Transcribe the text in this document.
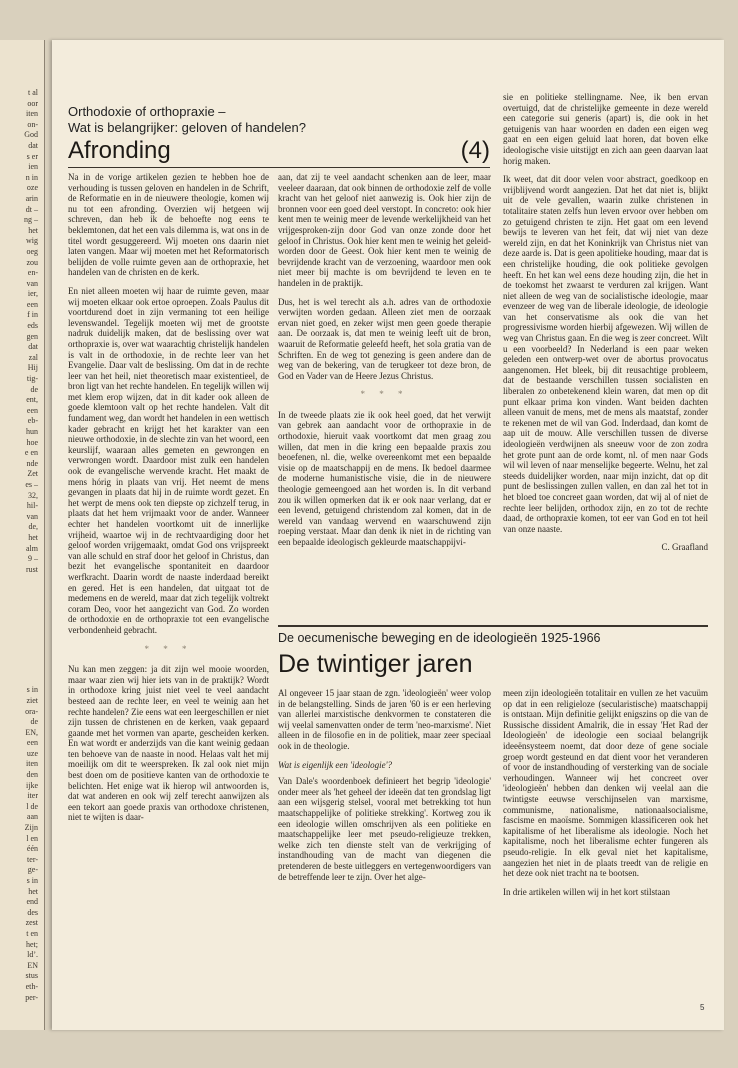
t al
oor
iten
on-
God
dat
s er
ien
n in
oze
arin
dt –
ng –
het
wig
oeg
zou
en-
van
ier,
een
f in
eds
gen
dat
zal
Hij
tig-
de
ent,
een
eb-
hun
hoe
e en
nde
Zet
es –
32,
hil-
van
de,
het
alm
9 –
rust
s in
ziet
ora-
de
EN,
een
uze
iten
den
ijke
iter
l de
aan
Zijn
l en
één
ter-
ge-
s in
het
end
des
zest
t en
het;
ld’.
EN
stus
eth-
per-
Orthodoxie of orthopraxie –
Wat is belangrijker: geloven of handelen?
Afronding	(4)

Na in de vorige artikelen gezien te hebben hoe de verhouding is tussen geloven en handelen in de Schrift, de Reformatie en in de nieuwere theologie, komen wij nu tot een afronding. Overzien wij hetgeen wij schreven, dan heb ik de behoefte nog eens te beklemtonen, dat het een vals dilemma is, wat ons in de titel wordt gesuggereerd. Wij moeten ons daarin niet laten vangen. Maar wij moeten met het Reformatorisch belijden de volle ruimte geven aan de orthopraxie, het handelen van de christen en de kerk.

En niet alleen moeten wij haar de ruimte geven, maar wij moeten elkaar ook ertoe oproepen. Zoals Paulus dit voortdurend doet in zijn vermaning tot een heilige levenswandel. Tegelijk moeten wij met de grootste nadruk duidelijk maken, dat de beslissing over wat orthopraxie is, over wat waarachtig christelijk handelen is valt in de orthodoxie, in de rechte leer van het Evangelie. Daar valt de beslissing. Om dat in de rechte leer van het heil, niet theoretisch maar existentieel, de bron ligt van het rechte handelen. En tegelijk willen wij met klem erop wijzen, dat in dit kader ook alleen de goede klemtoon valt op het rechte handelen. Valt dit fundament weg, dan wordt het handelen in een wettisch kader gebracht en krijgt het het karakter van een nieuwe orthodoxie, in de slechte zin van het woord, een keurslijf, waaraan alles gemeten en gewrongen en verwrongen wordt. Daardoor mist zulk een handelen ook de evangelische wervende kracht. Het maakt de mens hórig in plaats van vrij. Het neemt de mens gevangen in plaats dat hij in de ruimte wordt gezet. En het werpt de mens ook ten diepste op zichzelf terug, in plaats dat het hem vrijmaakt voor de ander. Wanneer echter het handelen voortkomt uit de innerlijke vrijheid, waartoe wij in de rechtvaardiging door het geloof worden vrijgemaakt, omdat God ons vrijspreekt van alle schuld en straf door het geloof in Christus, dan bezit het evangelische spontaniteit en daardoor werfkracht. Daarin wordt de naaste inderdaad bereikt en gered. Het is een handelen, dat uitgaat tot de medemens en de wereld, maar dat zich tegelijk voltrekt coram Deo, voor het aangezicht van God. Zo worden de orthodoxie en de orthopraxie tot een evangelische verbondenheid gebracht.

* * *

Nu kan men zeggen: ja dit zijn wel mooie woorden, maar waar zien wij hier iets van in de praktijk? Wordt in orthodoxe kring juist niet veel te veel aandacht besteed aan de rechte leer, en veel te weinig aan het rechte handelen? Zie eens wat een leergeschillen er niet zijn tussen de christenen en de kerken, vaak gepaard gaande met het vormen van aparte, gescheiden kerken. En wat wordt er anderzijds van die kant weinig gedaan ten behoeve van de naaste in nood. Helaas valt het mij moeilijk om dit te weerspreken. Ik zal ook niet mijn best doen om de positieve kanten van de orthodoxie te belichten. Het enige wat ik hierop wil antwoorden is, dat wat anderen en ook wij zelf terecht aanwijzen als een tekort aan goede praxis van orthodoxe christenen, niet te wijten is daar-

aan, dat zij te veel aandacht schenken aan de leer, maar veeleer daaraan, dat ook binnen de orthodoxie zelf de volle kracht van het geloof niet aanwezig is. Ook hier zijn de bronnen voor een goed deel verstopt. In concreto: ook hier kent men te weinig meer de levende werkelijkheid van het vrijgesproken-zijn door God van onze zonde door het geloof in Christus. Ook hier kent men te weinig het geleid-worden door de Geest. Ook hier kent men te weinig de bevrijdende kracht van de verzoening, waardoor men ook niet meer bij machte is om bevrijdend te leven en te handelen in de praktijk.

Dus, het is wel terecht als a.h. adres van de orthodoxie verwijten worden gedaan. Alleen ziet men de oorzaak ervan niet goed, en zeker wijst men geen goede therapie aan. De oorzaak is, dat men te weinig leeft uit de bron, waaruit de Reformatie geleefd heeft, het sola gratia van de Schriften. En de weg tot genezing is geen andere dan de weg van de bekering, van de terugkeer tot deze bron, de God en Vader van de Heere Jezus Christus.

* * *

In de tweede plaats zie ik ook heel goed, dat het verwijt van gebrek aan aandacht voor de orthopraxie in de orthodoxie, hieruit vaak voortkomt dat men graag zou willen, dat men in die kring een bepaalde praxis zou beoefenen, nl. die, welke overeenkomt met een bepaalde visie op de maatschappij en de mens. Ik bedoel daarmee de moderne humanistische visie, die in de nieuwere theologie gemeengoed aan het worden is. In dit verband zou ik willen opmerken dat ik er ook naar verlang, dat er een levend, getuigend christendom zal komen, dat in de wereld van vandaag wervend en waarschuwend zijn roeping verstaat. Maar dan denk ik niet in de richting van een bepaalde ideologisch gekleurde maatschappijvi-

sie en politieke stellingname. Nee, ik ben ervan overtuigd, dat de christelijke gemeente in deze wereld een categorie sui generis (apart) is, die ook in het getuigenis van haar woorden en daden een eigen weg gaat en een eigen geluid laat horen, dat boven elke ideologische visie uitstijgt en zich aan geen daarvan laat horig maken.

Ik weet, dat dit door velen voor abstract, goedkoop en vrijblijvend wordt aangezien. Dat het dat niet is, blijkt uit de vele gevallen, waarin zulke christenen in totalitaire staten zelfs hun leven ervoor over hebben om zo getuigend christen te zijn. Het gaat om een levend bewijs te leveren van het feit, dat wij niet van deze wereld zijn, en dat het Koninkrijk van Christus niet van deze aarde is. Dat is geen apolitieke houding, maar dat is een christelijke houding, die ook politieke gevolgen heeft. En het kan wel eens deze houding zijn, die het in de toekomst het zwaarst te verduren zal krijgen. Want niet alleen de weg van de socialistische ideologie, maar evenzeer de weg van de liberale ideologie, de ideologie van het conservatisme als ook die van het progressivisme worden hierbij afgewezen. Wij willen de weg van Christus gaan. En die weg is zeer concreet. Wilt u een voorbeeld? In Nederland is een paar weken geleden een ontwerp-wet over de abortus provocatus aangenomen. Het bleek, bij dit reusachtige probleem, dat de bestaande verschillen tussen socialisten en liberalen zo onbetekenend klein waren, dat men op dit punt elkaar prima kon vinden. Want beiden dachten alleen vanuit de mens, met de mens als maatstaf, zonder te rekenen met de wil van God. Inderdaad, dan komt de aap uit de mouw. Alle verschillen tussen de diverse ideologieën verdwijnen als sneeuw voor de zon zodra het grote punt aan de orde komt, nl. of men naar Gods wil wil leven of naar menselijke begeerte. Welnu, het zal steeds duidelijker worden, naar mijn inzicht, dat op dit punt de beslissingen zullen vallen, en dan zal het tot in het bloed toe concreet gaan worden, dat wij al of niet de rechte leer belijden, orthodox zijn, en zo tot de rechte daad, de orthopraxie komen, tot eer van God en tot heil van onze naaste.

C. Graafland
De oecumenische beweging en de ideologieën 1925-1966
De twintiger jaren

Al ongeveer 15 jaar staan de zgn. 'ideologieën' weer volop in de belangstelling. Sinds de jaren '60 is er een herleving van allerlei marxistische denkvormen te constateren die wij veelal samenvatten onder de term 'neo-marxisme'. Niet alleen in de filosofie en in de politiek, maar zeer speciaal ook in de theologie.

Wat is eigenlijk een 'ideologie'?

Van Dale's woordenboek definieert het begrip 'ideologie' onder meer als 'het geheel der ideeën dat ten grondslag ligt aan een wijsgerig stelsel, vooral met betrekking tot hun maatschappelijke of politieke strekking'. Kortweg zou ik een ideologie willen omschrijven als een politieke en maatschappelijke leer met pseudo-religieuze trekken, welke zich ten dienste stelt van de verkrijging of instandhouding van de macht van diegenen die pretenderen de beste uitleggers en vertegenwoordigers van de betreffende leer te zijn. Over het alge-

meen zijn ideologieën totalitair en vullen ze het vacuüm op dat in een religieloze (secularistische) maatschappij is ontstaan. Mijn definitie gelijkt enigszins op die van de Russische dissident Amalrik, die in essay 'Het Rad der Ideologieën' de ideologie een sociaal belangrijk ideeënsysteem noemt, dat door deze of gene sociale groep wordt gesteund en dat dient voor het veranderen of voor de instandhouding of versterking van de sociale verhoudingen. Wanneer wij het concreet over 'ideologieën' hebben dan denken wij veelal aan die twintigste eeuwse verschijnselen van marxisme, communisme, nationalisme, nationaalsocialisme, fascisme en maoïsme. Sommigen klassificeren ook het kapitalisme of het liberalisme als ideologie. Noch het kapitalisme, noch het liberalisme echter fungeren als pseudo-religie. In elk geval niet het kapitalisme, aangezien het niet in de plaats treedt van de religie en het deze ook niet tracht na te bootsen.

In drie artikelen willen wij in het kort stilstaan

5
